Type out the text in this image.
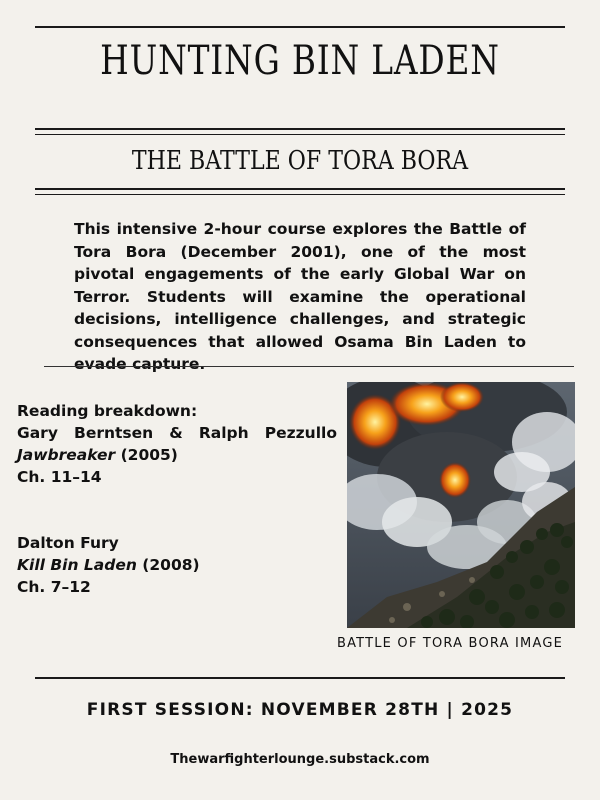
HUNTING BIN LADEN
THE BATTLE OF TORA BORA

This intensive 2-hour course explores the Battle of Tora Bora (December 2001), one of the most pivotal engagements of the early Global War on Terror. Students will examine the operational decisions, intelligence challenges, and strategic consequences that allowed Osama Bin Laden to evade capture.

Reading breakdown:
Gary Berntsen & Ralph Pezzullo
Jawbreaker (2005)
Ch. 11–14
Dalton Fury
Kill Bin Laden (2008)
Ch. 7–12
BATTLE OF TORA BORA IMAGE
FIRST SESSION: NOVEMBER 28TH | 2025
Thewarfighterlounge.substack.com
